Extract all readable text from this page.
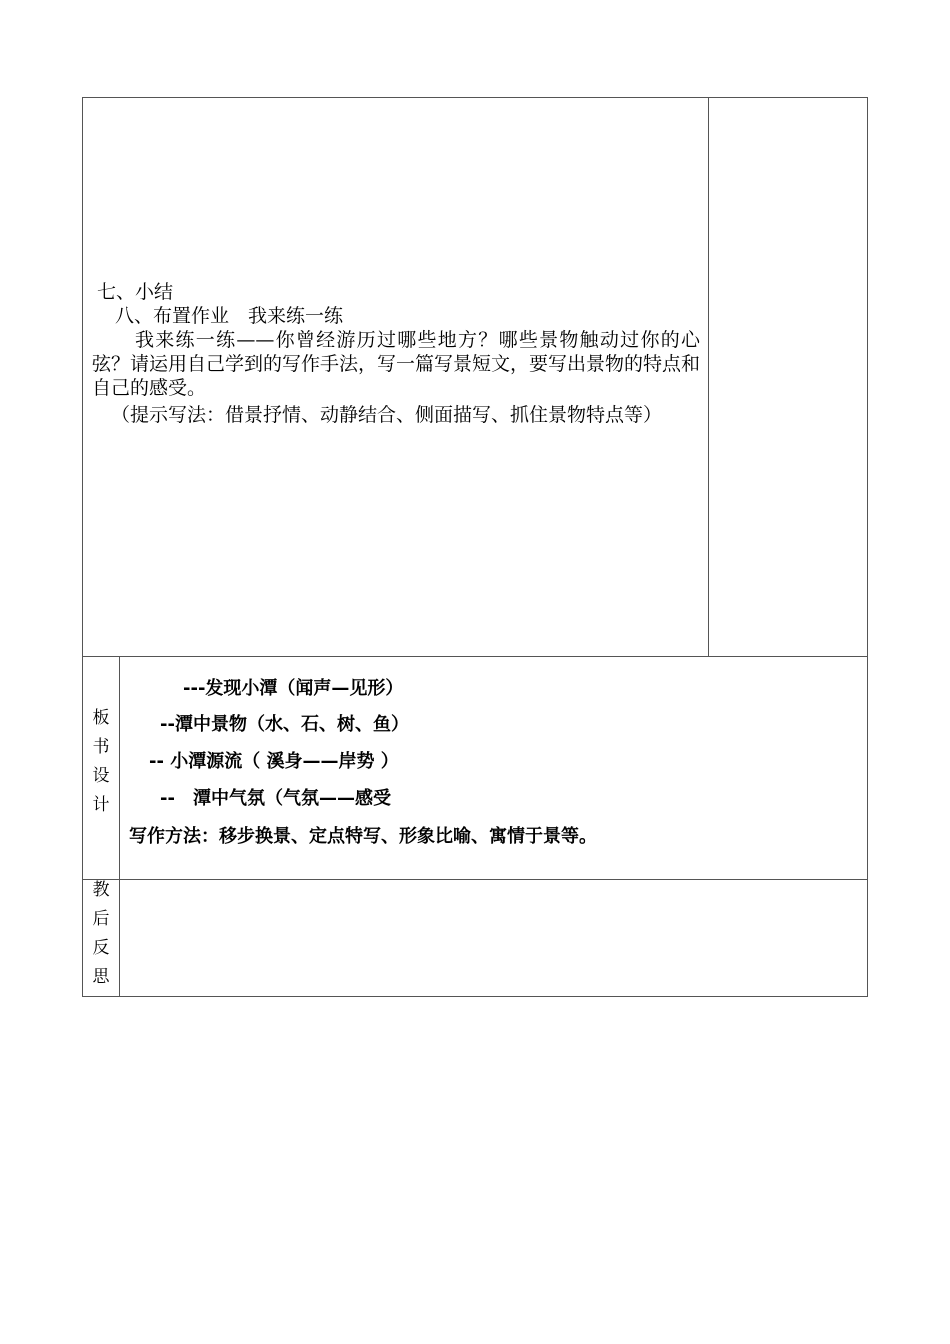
七、小结
八、布置作业　我来练一练
我来练一练——你曾经游历过哪些地方？哪些景物触动过你的心弦？请运用自己学到的写作手法，写一篇写景短文，要写出景物的特点和自己的感受。
（提示写法：借景抒情、动静结合、侧面描写、抓住景物特点等）
板
书
设
计
---发现小潭（闻声—见形）
--潭中景物（水、石、树、鱼）
-- 小潭源流（ 溪身——岸势 ）
--　潭中气氛（气氛——感受
写作方法：移步换景、定点特写、形象比喻、寓情于景等。
教
后
反
思
